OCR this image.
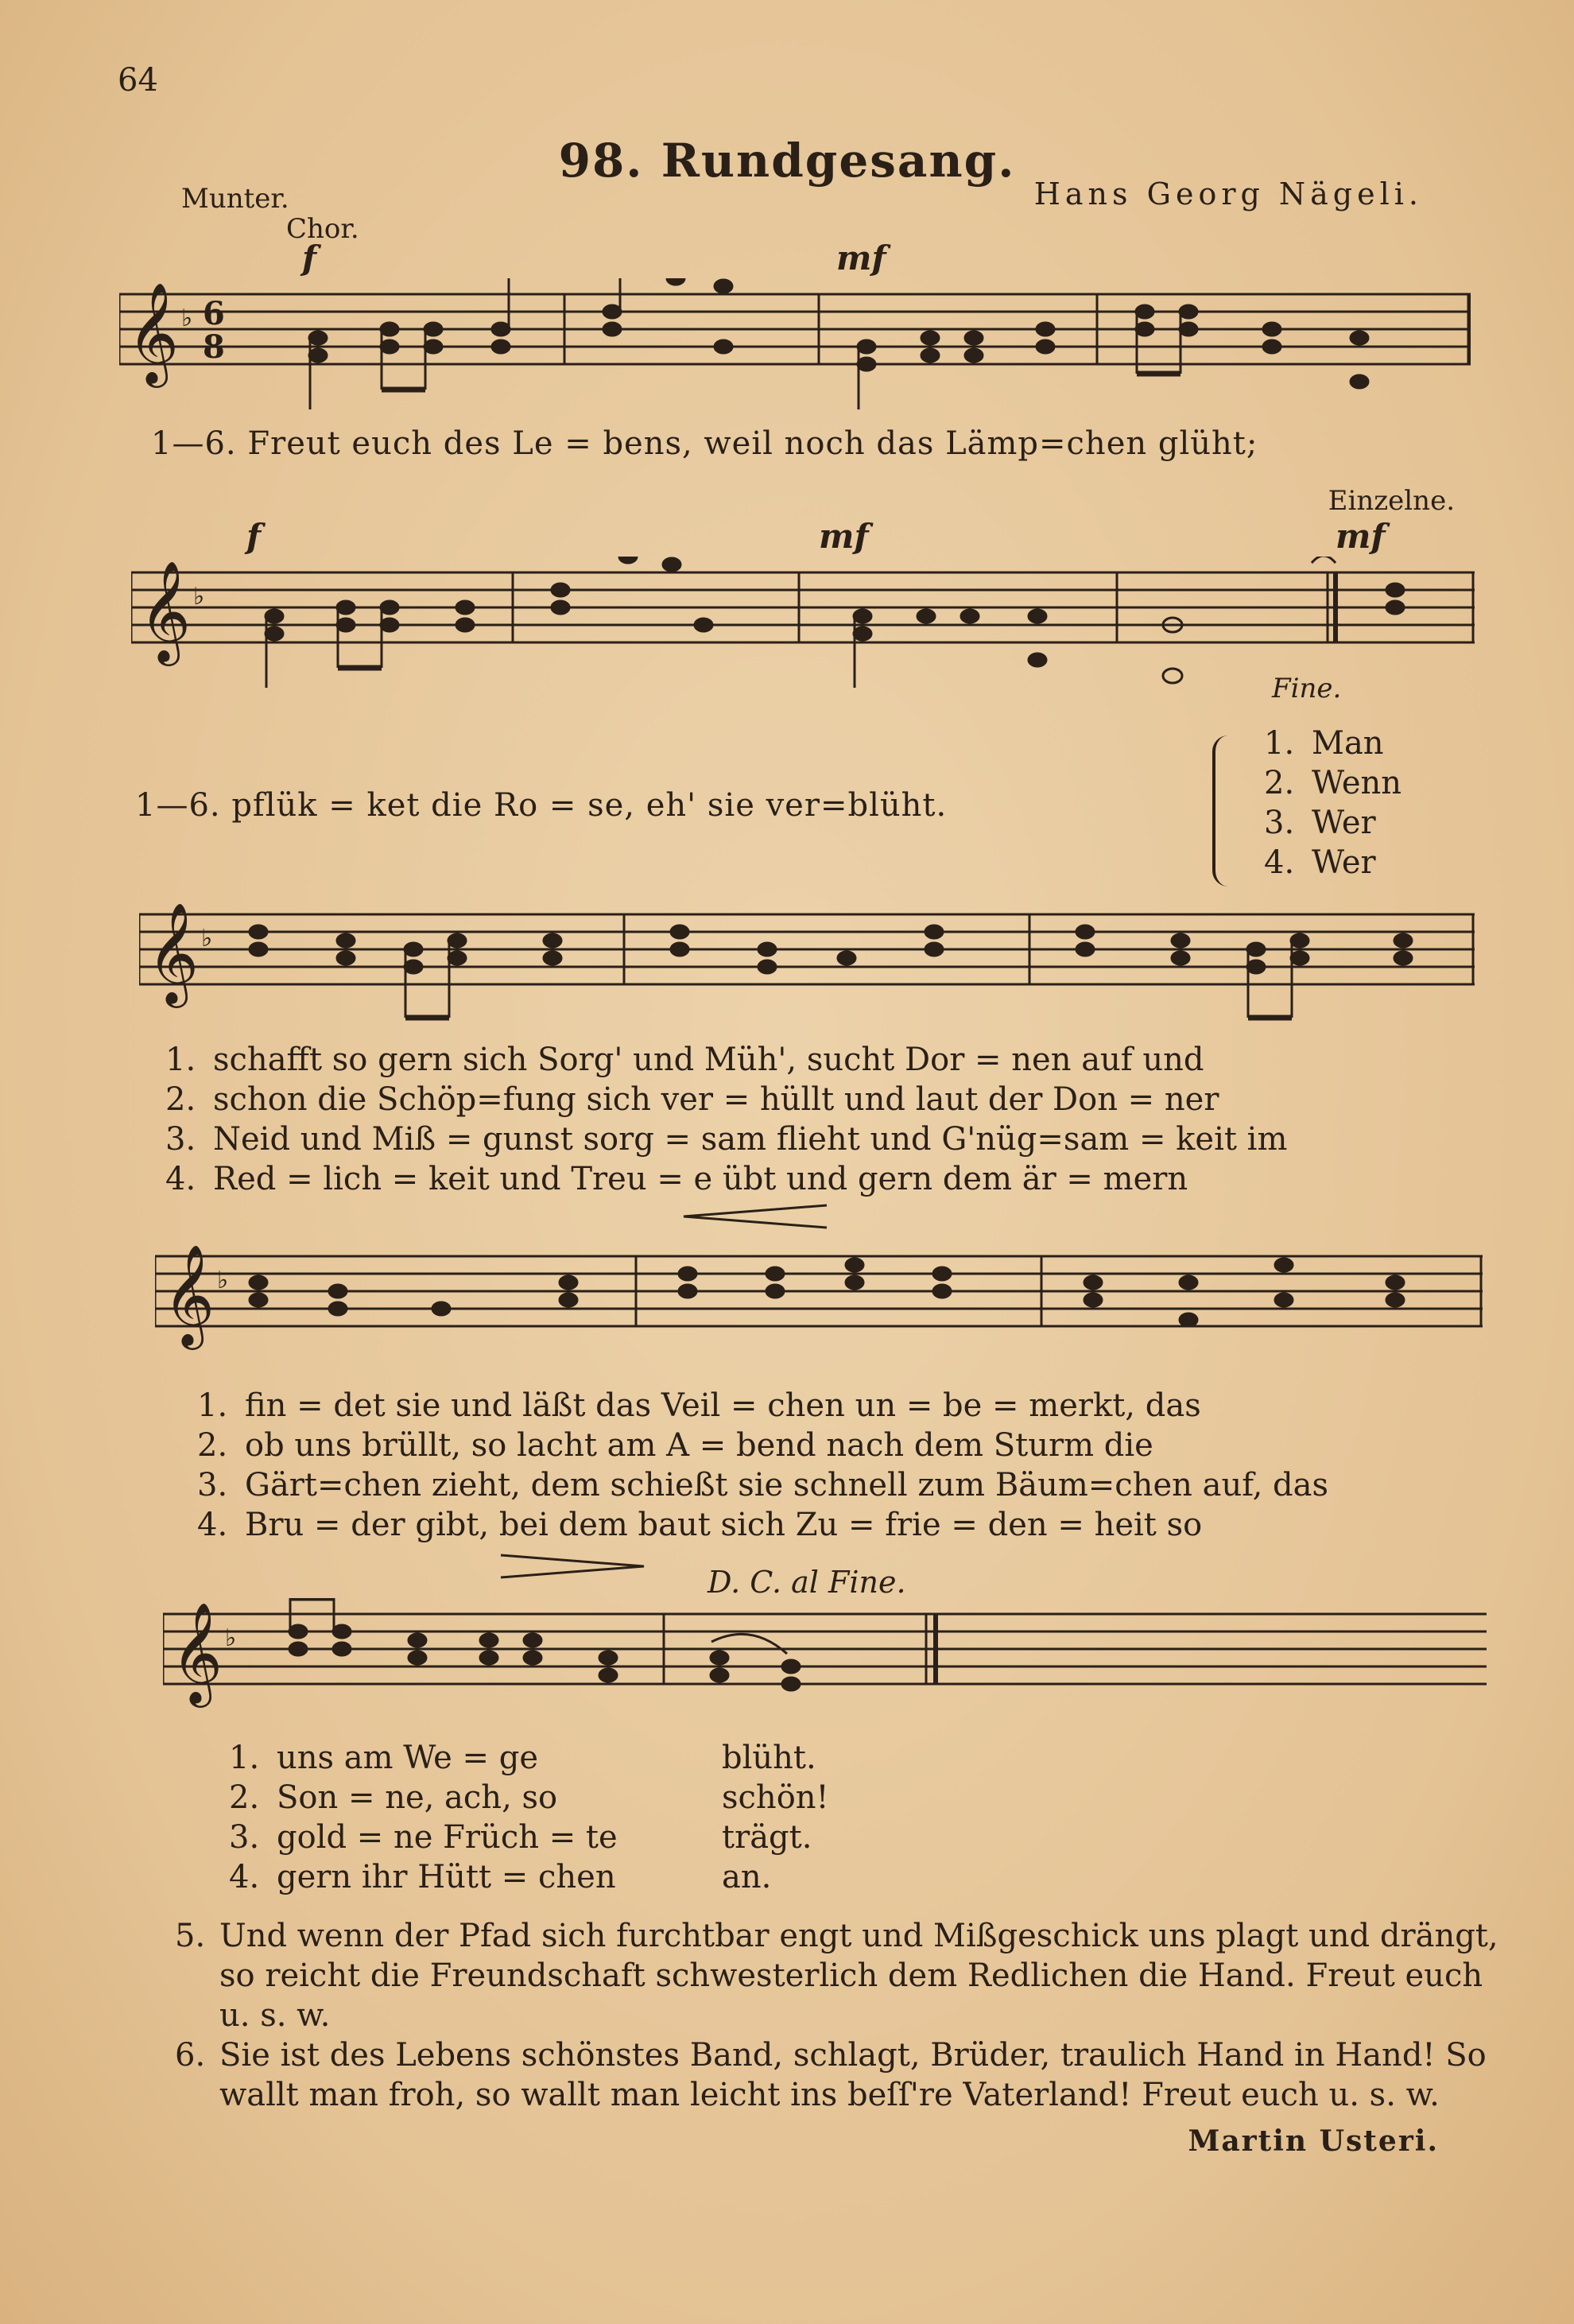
64
98. Rundgesang.
Hans Georg Nägeli.
Munter.
Chor.
f	mf
𝄞 ♭ 6
8
1—6. Freut euch des Le = bens, weil noch das Lämp=chen glüht;
Einzelne.
f	mf	mf
𝄞 ♭
Fine.
1—6. pflük = ket die Ro = se, eh' sie ver=blüht.
1. Man
2. Wenn
3. Wer
4. Wer
𝄞 ♭
1. schafft so gern sich Sorg' und Müh', sucht Dor = nen auf und
2. schon die Schöp=fung sich ver = hüllt und laut der Don = ner
3. Neid und Miß = gunst sorg = sam flieht und G'nüg=sam = keit im
4. Red = lich = keit und Treu = e übt und gern dem är = mern
𝄞 ♭
1. fin = det sie und läßt das Veil = chen un = be = merkt, das
2. ob uns brüllt, so lacht am A = bend nach dem Sturm die
3. Gärt=chen zieht, dem schießt sie schnell zum Bäum=chen auf, das
4. Bru = der gibt, bei dem baut sich Zu = frie = den = heit so
D. C. al Fine.
𝄞 ♭
1. uns am We = ge	blüht.
2. Son = ne, ach, so	schön!
3. gold = ne Früch = te	trägt.
4. gern ihr Hütt = chen	an.
5. Und wenn der Pfad sich furchtbar engt und Mißgeschick uns plagt und drängt, so reicht die Freundschaft schwesterlich dem Redlichen die Hand. Freut euch u. s. w.
6. Sie ist des Lebens schönstes Band, schlagt, Brüder, traulich Hand in Hand! So wallt man froh, so wallt man leicht ins beſſ're Vaterland! Freut euch u. s. w.
Martin Usteri.
